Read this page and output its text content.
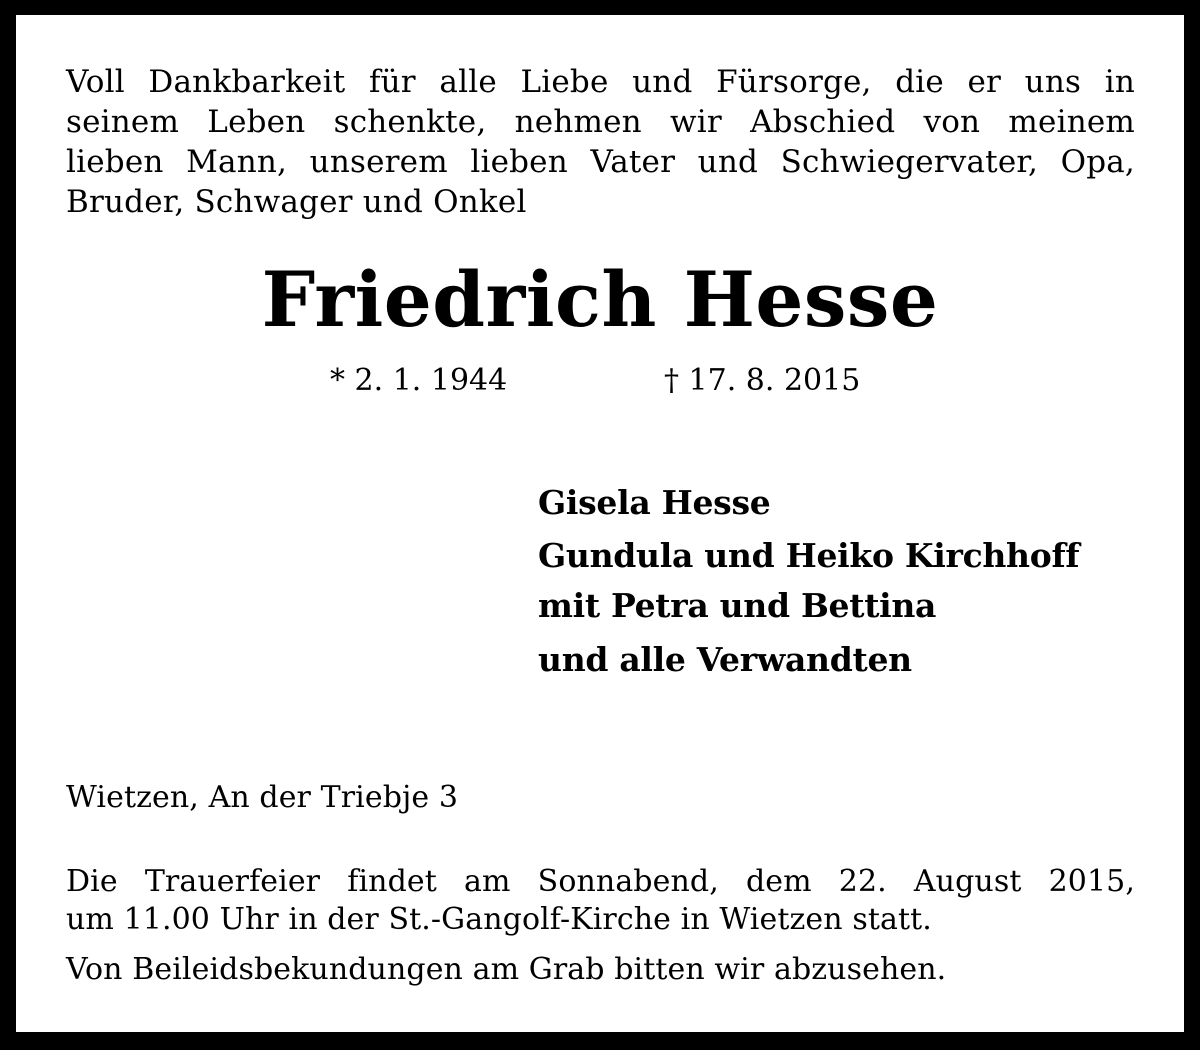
Voll Dankbarkeit für alle Liebe und Fürsorge, die er uns in

seinem Leben schenkte, nehmen wir Abschied von meinem

lieben Mann, unserem lieben Vater und Schwiegervater, Opa,

Bruder, Schwager und Onkel

Friedrich Hesse
* 2. 1. 1944	† 17. 8. 2015

Gisela Hesse

Gundula und Heiko Kirchhoff

mit Petra und Bettina

und alle Verwandten

Wietzen, An der Triebje 3

Die Trauerfeier findet am Sonnabend, dem 22. August 2015,

um 11.00 Uhr in der St.-Gangolf-Kirche in Wietzen statt.

Von Beileidsbekundungen am Grab bitten wir abzusehen.
